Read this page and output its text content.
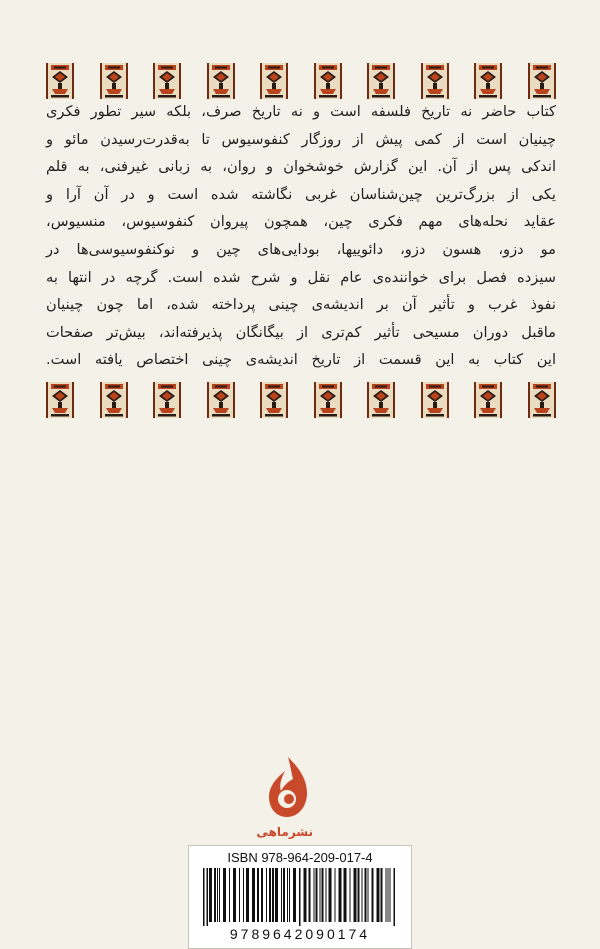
کتاب حاضر نه تاریخ فلسفه است و نه تاریخ صرف، بلکه سیر تطور فکری
چینیان است از کمی پیش از روزگار کنفوسیوس تا به‌قدرت‌رسیدن مائو و
اندکی پس از آن. این گزارش خوشخوان و روان، به زبانی غیرفنی، به قلم
یکی از بزرگ‌ترین چین‌شناسان غربی نگاشته شده است و در آن آرا و
عقاید نحله‌های مهم فکری چین، همچون پیروان کنفوسیوس، منسیوس،
مو دزو، هسون دزو، دائوییها، بودایی‌های چین و نوکنفوسیوسی‌ها در
سیزده فصل برای خواننده‌ی عام نقل و شرح شده است. گرچه در انتها به
نفوذ غرب و تأثیر آن بر اندیشه‌ی چینی پرداخته شده، اما چون چینیان
ماقبل دوران مسیحی تأثیر کم‌تری از بیگانگان پذیرفته‌اند، بیش‌تر صفحات
این کتاب به این قسمت از تاریخ اندیشه‌ی چینی اختصاص یافته است.

نشرماهی
ISBN 978-964-209-017-4
9789642090174
